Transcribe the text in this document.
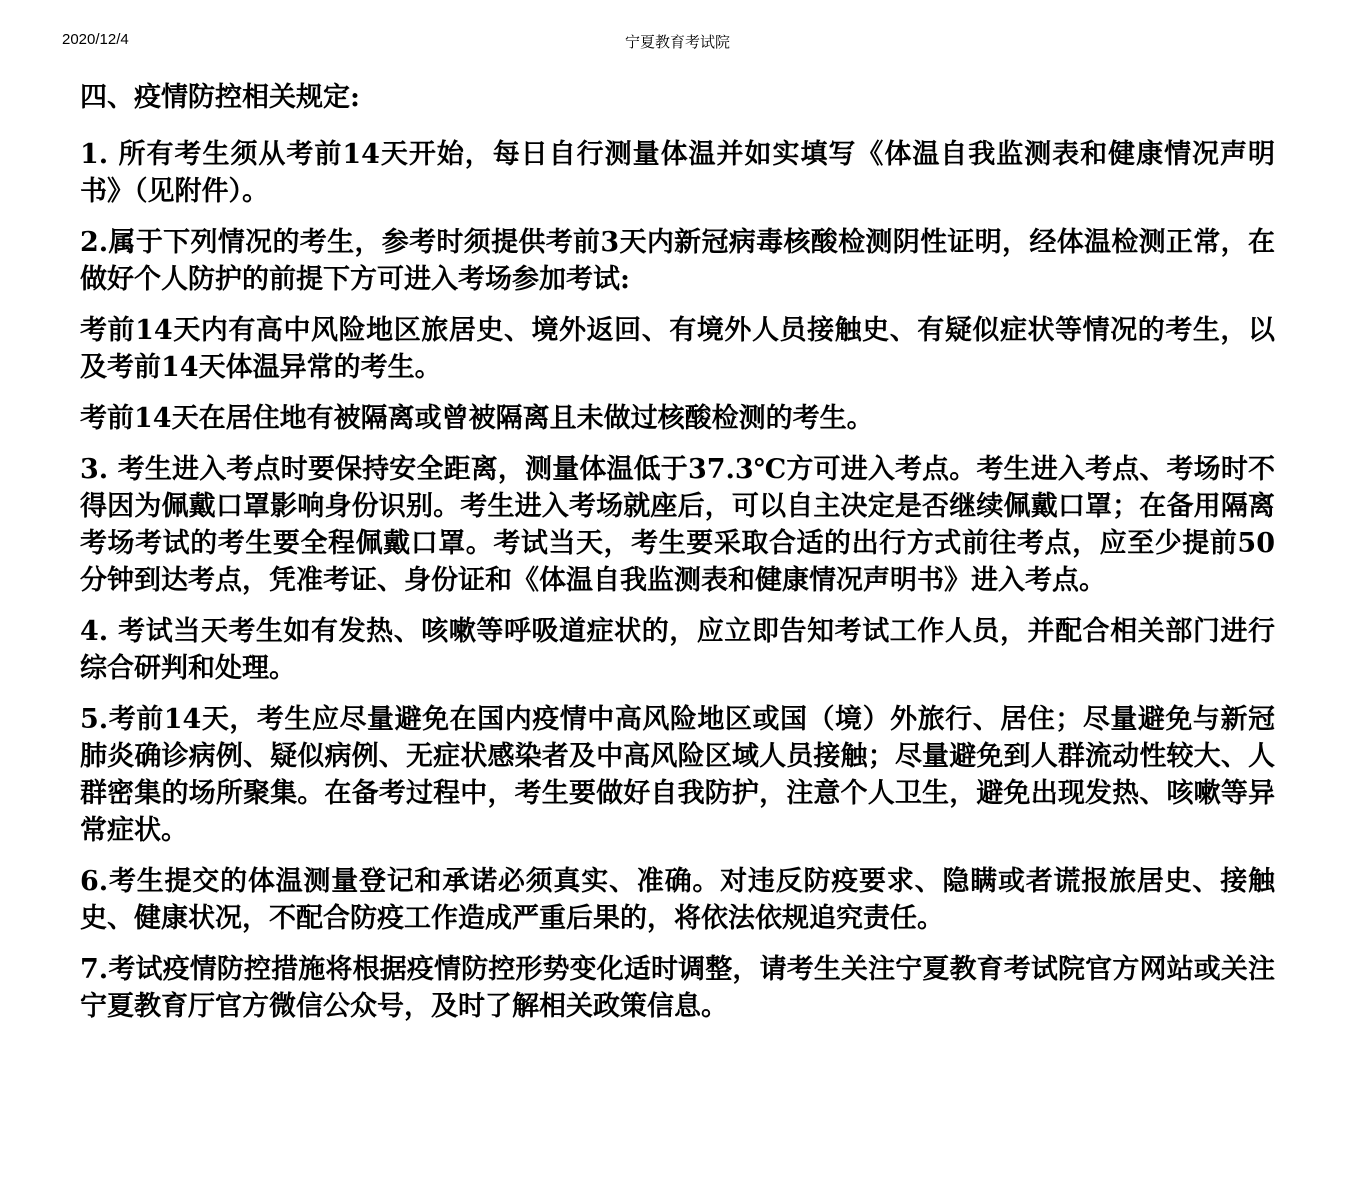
2020/12/4	宁夏教育考试院
四、疫情防控相关规定:

1. 所有考生须从考前14天开始，每日自行测量体温并如实填写《体温自我监测表和健康情况声明书》（见附件）。

2.属于下列情况的考生，参考时须提供考前3天内新冠病毒核酸检测阴性证明，经体温检测正常，在做好个人防护的前提下方可进入考场参加考试:

考前14天内有高中风险地区旅居史、境外返回、有境外人员接触史、有疑似症状等情况的考生，以及考前14天体温异常的考生。

考前14天在居住地有被隔离或曾被隔离且未做过核酸检测的考生。

3. 考生进入考点时要保持安全距离，测量体温低于37.3℃方可进入考点。考生进入考点、考场时不得因为佩戴口罩影响身份识别。考生进入考场就座后，可以自主决定是否继续佩戴口罩；在备用隔离考场考试的考生要全程佩戴口罩。考试当天，考生要采取合适的出行方式前往考点，应至少提前50分钟到达考点，凭准考证、身份证和《体温自我监测表和健康情况声明书》进入考点。

4. 考试当天考生如有发热、咳嗽等呼吸道症状的，应立即告知考试工作人员，并配合相关部门进行综合研判和处理。

5.考前14天，考生应尽量避免在国内疫情中高风险地区或国（境）外旅行、居住；尽量避免与新冠肺炎确诊病例、疑似病例、无症状感染者及中高风险区域人员接触；尽量避免到人群流动性较大、人群密集的场所聚集。在备考过程中，考生要做好自我防护，注意个人卫生，避免出现发热、咳嗽等异常症状。

6.考生提交的体温测量登记和承诺必须真实、准确。对违反防疫要求、隐瞒或者谎报旅居史、接触史、健康状况，不配合防疫工作造成严重后果的，将依法依规追究责任。

7.考试疫情防控措施将根据疫情防控形势变化适时调整，请考生关注宁夏教育考试院官方网站或关注宁夏教育厅官方微信公众号，及时了解相关政策信息。
